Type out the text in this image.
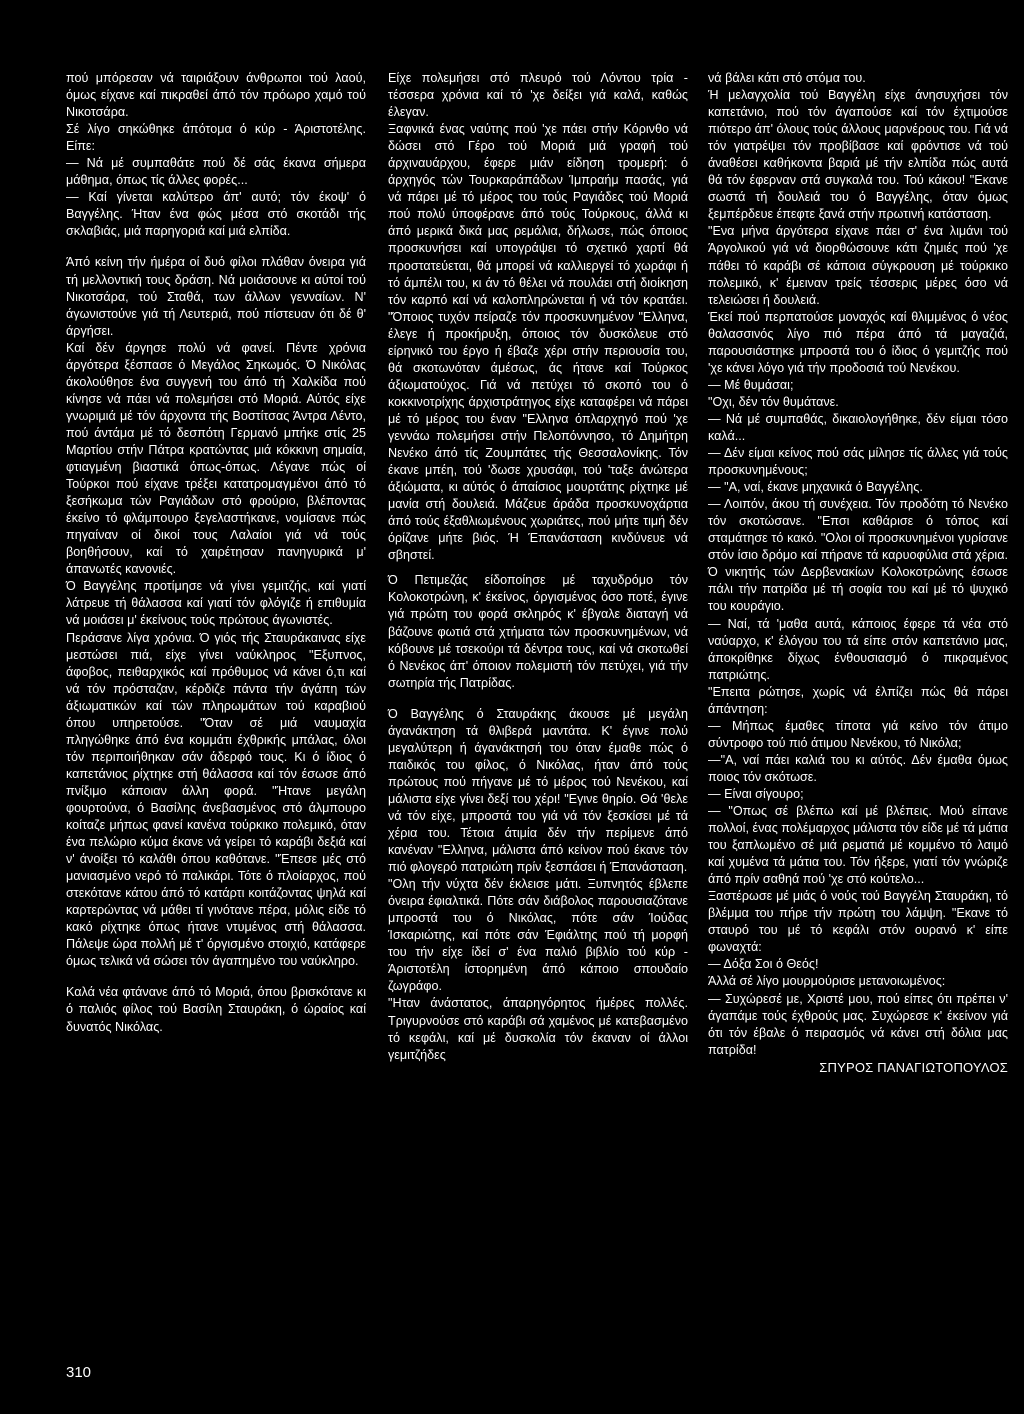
πού μπόρεσαν νά ταιριάξουν άνθρωποι τού λαού, όμως είχανε καί πικραθεί άπό τόν πρόωρο χαμό τού Νικοτσάρα.

Σέ λίγο σηκώθηκε άπότομα ό κύρ - Άριστοτέλης. Είπε:

— Νά μέ συμπαθάτε πού δέ σάς έκανα σήμερα μάθημα, όπως τίς άλλες φορές...

— Καί γίνεται καλύτερο άπ' αυτό; τόν έκοψ' ό Βαγγέλης. Ήταν ένα φώς μέσα στό σκοτάδι τής σκλαβιάς, μιά παρηγοριά καί μιά ελπίδα.

Άπό κείνη τήν ήμέρα οί δυό φίλοι πλάθαν όνειρα γιά τή μελλοντική τους δράση. Νά μοιάσουνε κι αύτοί τού Νικοτσάρα, τού Σταθά, των άλλων γενναίων. Ν' άγωνιστούνε γιά τή Λευτεριά, πού πίστευαν ότι δέ θ' άργήσει.

Καί δέν άργησε πολύ νά φανεί. Πέντε χρόνια άργότερα ξέσπασε ό Μεγάλος Σηκωμός. Ό Νικόλας άκολούθησε ένα συγγενή του άπό τή Χαλκίδα πού κίνησε νά πάει νά πολεμήσει στό Μοριά. Αύτός είχε γνωριμιά μέ τόν άρχοντα τής Βοστίτσας Άντρα Λέντο, πού άντάμα μέ τό δεσπότη Γερμανό μπήκε στίς 25 Μαρτίου στήν Πάτρα κρατώντας μιά κόκκινη σημαία, φτιαγμένη βιαστικά όπως-όπως. Λέγανε πώς οί Τούρκοι πού είχανε τρέξει κατατρομαγμένοι άπό τό ξεσήκωμα τών Ραγιάδων στό φρούριο, βλέποντας έκείνο τό φλάμπουρο ξεγελαστήκανε, νομίσανε πώς πηγαίναν οί δικοί τους Λαλαίοι γιά νά τούς βοηθήσουν, καί τό χαιρέτησαν πανηγυρικά μ' άπανωτές κανονιές.

Ό Βαγγέλης προτίμησε νά γίνει γεμιτζής, καί γιατί λάτρευε τή θάλασσα καί γιατί τόν φλόγιζε ή επιθυμία νά μοιάσει μ' έκείνους τούς πρώτους άγωνιστές.

Περάσανε λίγα χρόνια. Ό γιός τής Σταυράκαινας είχε μεστώσει πιά, είχε γίνει ναύκληρος "Εξυπνος, άφοβος, πειθαρχικός καί πρόθυμος νά κάνει ό,τι καί νά τόν πρόσταζαν, κέρδιζε πάντα τήν άγάπη τών άξιωματικών καί τών πληρωμάτων τού καραβιού όπου υπηρετούσε. "Όταν σέ μιά ναυμαχία πληγώθηκε άπό ένα κομμάτι έχθρικής μπάλας, όλοι τόν περιποιήθηκαν σάν άδερφό τους. Κι ό ίδιος ό καπετάνιος ρίχτηκε στή θάλασσα καί τόν έσωσε άπό πνίξιμο κάποιαν άλλη φορά. "Ήτανε μεγάλη φουρτούνα, ό Βασίλης άνεβασμένος στό άλμπουρο κοίταζε μήπως φανεί κανένα τούρκικο πολεμικό, όταν ένα πελώριο κύμα έκανε νά γείρει τό καράβι δεξιά καί ν' άνοίξει τό καλάθι όπου καθότανε. "Έπεσε μές στό μανιασμένο νερό τό παλικάρι. Τότε ό πλοίαρχος, πού στεκότανε κάτου άπό τό κατάρτι κοιτάζοντας ψηλά καί καρτερώντας νά μάθει τί γινότανε πέρα, μόλις είδε τό κακό ρίχτηκε όπως ήτανε ντυμένος στή θάλασσα. Πάλεψε ώρα πολλή μέ τ' όργισμένο στοιχιό, κατάφερε όμως τελικά νά σώσει τόν άγαπημένο του ναύκληρο.

Καλά νέα φτάνανε άπό τό Μοριά, όπου βρισκότανε κι ό παλιός φίλος τού Βασίλη Σταυράκη, ό ώραίος καί δυνατός Νικόλας.

Είχε πολεμήσει στό πλευρό τού Λόντου τρία - τέσσερα χρόνια καί τό 'χε δείξει γιά καλά, καθώς έλεγαν.

Ξαφνικά ένας ναύτης πού 'χε πάει στήν Κόρινθο νά δώσει στό Γέρο τού Μοριά μιά γραφή τού άρχιναυάρχου, έφερε μιάν είδηση τρομερή: ό άρχηγός τών Τουρκαράπάδων Ίμπραήμ πασάς, γιά νά πάρει μέ τό μέρος του τούς Ραγιάδες τού Μοριά πού πολύ ύποφέρανε άπό τούς Τούρκους, άλλά κι άπό μερικά δικά μας ρεμάλια, δήλωσε, πώς όποιος προσκυνήσει καί υπογράψει τό σχετικό χαρτί θά προστατεύεται, θά μπορεί νά καλλιεργεί τό χωράφι ή τό άμπέλι του, κι άν τό θέλει νά πουλάει στή διοίκηση τόν καρπό καί νά καλοπληρώνεται ή νά τόν κρατάει. "Όποιος τυχόν πείραζε τόν προσκυνημένον "Ελληνα, έλεγε ή προκήρυξη, όποιος τόν δυσκόλευε στό είρηνικό του έργο ή έβαζε χέρι στήν περιουσία του, θά σκοτωνόταν άμέσως, άς ήτανε καί Τούρκος άξιωματούχος. Γιά νά πετύχει τό σκοπό του ό κοκκινοτρίχης άρχιστράτηγος είχε καταφέρει νά πάρει μέ τό μέρος του έναν "Ελληνα όπλαρχηγό πού 'χε γεννάω πολεμήσει στήν Πελοπόννησο, τό Δημήτρη Νενέκο άπό τίς Ζουμπάτες τής Θεσσαλονίκης. Τόν έκανε μπέη, τού 'δωσε χρυσάφι, τού 'ταξε άνώτερα άξιώματα, κι αύτός ό άπαίσιος μουρτάτης ρίχτηκε μέ μανία στή δουλειά. Μάζευε άράδα προσκυνοχάρτια άπό τούς έξαθλιωμένους χωριάτες, πού μήτε τιμή δέν όρίζανε μήτε βιός. Ή Έπανάσταση κινδύνευε νά σβηστεί.

Ό Πετιμεζάς είδοποίησε μέ ταχυδρόμο τόν Κολοκοτρώνη, κ' έκείνος, όργισμένος όσο ποτέ, έγινε γιά πρώτη του φορά σκληρός κ' έβγαλε διαταγή νά βάζουνε φωτιά στά χτήματα τών προσκυνημένων, νά κόβουνε μέ τσεκούρι τά δέντρα τους, καί νά σκοτωθεί ό Νενέκος άπ' όποιον πολεμιστή τόν πετύχει, γιά τήν σωτηρία τής Πατρίδας.

Ό Βαγγέλης ό Σταυράκης άκουσε μέ μεγάλη άγανάκτηση τά θλιβερά μαντάτα. Κ' έγινε πολύ μεγαλύτερη ή άγανάκτησή του όταν έμαθε πώς ό παιδικός του φίλος, ό Νικόλας, ήταν άπό τούς πρώτους πού πήγανε μέ τό μέρος τού Νενέκου, καί μάλιστα είχε γίνει δεξί του χέρι! "Εγινε θηρίο. Θά 'θελε νά τόν είχε, μπροστά του γιά νά τόν ξεσκίσει μέ τά χέρια του. Τέτοια άτιμία δέν τήν περίμενε άπό κανέναν "Ελληνα, μάλιστα άπό κείνον πού έκανε τόν πιό φλογερό πατριώτη πρίν ξεσπάσει ή Έπανάσταση.

"Ολη τήν νύχτα δέν έκλεισε μάτι. Ξυπνητός έβλεπε όνειρα έφιαλτικά. Πότε σάν διάβολος παρουσιαζότανε μπροστά του ό Νικόλας, πότε σάν Ίούδας Ίσκαριώτης, καί πότε σάν Έφιάλτης πού τή μορφή του τήν είχε ίδεί σ' ένα παλιό βιβλίο τού κύρ - Άριστοτέλη ίστορημένη άπό κάποιο σπουδαίο ζωγράφο.

"Ηταν άνάστατος, άπαρηγόρητος ήμέρες πολλές. Τριγυρνούσε στό καράβι σά χαμένος μέ κατεβασμένο τό κεφάλι, καί μέ δυσκολία τόν έκαναν οί άλλοι γεμιτζήδες

νά βάλει κάτι στό στόμα του.

Ή μελαγχολία τού Βαγγέλη είχε άνησυχήσει τόν καπετάνιο, πού τόν άγαπούσε καί τόν έχτιμούσε πιότερο άπ' όλους τούς άλλους μαρνέρους του. Γιά νά τόν γιατρέψει τόν προβίβασε καί φρόντισε νά τού άναθέσει καθήκοντα βαριά μέ τήν ελπίδα πώς αυτά θά τόν έφερναν στά συγκαλά του. Τού κάκου! "Εκανε σωστά τή δουλειά του ό Βαγγέλης, όταν όμως ξεμπέρδευε έπεφτε ξανά στήν πρωτινή κατάσταση.

"Ενα μήνα άργότερα είχανε πάει σ' ένα λιμάνι τού Άργολικού γιά νά διορθώσουνε κάτι ζημιές πού 'χε πάθει τό καράβι σέ κάποια σύγκρουση μέ τούρκικο πολεμικό, κ' έμειναν τρείς τέσσερις μέρες όσο νά τελειώσει ή δουλειά.

Έκεί πού περπατούσε μοναχός καί θλιμμένος ό νέος θαλασσινός λίγο πιό πέρα άπό τά μαγαζιά, παρουσιάστηκε μπροστά του ό ίδιος ό γεμιτζής πού 'χε κάνει λόγο γιά τήν προδοσιά τού Νενέκου.

— Μέ θυμάσαι;

"Οχι, δέν τόν θυμάτανε.

— Νά μέ συμπαθάς, δικαιολογήθηκε, δέν είμαι τόσο καλά...

— Δέν είμαι κείνος πού σάς μίλησε τίς άλλες γιά τούς προσκυνημένους;

— "Α, ναί, έκανε μηχανικά ό Βαγγέλης.

— Λοιπόν, άκου τή συνέχεια. Τόν προδότη τό Νενέκο τόν σκοτώσανε. "Επσι καθάρισε ό τόπος καί σταμάτησε τό κακό. "Ολοι οί προσκυνημένοι γυρίσανε στόν ίσιο δρόμο καί πήρανε τά καρυοφύλια στά χέρια. Ό νικητής τών Δερβενακίων Κολοκοτρώνης έσωσε πάλι τήν πατρίδα μέ τή σοφία του καί μέ τό ψυχικό του κουράγιο.

— Ναί, τά 'μαθα αυτά, κάποιος έφερε τά νέα στό ναύαρχο, κ' έλόγου του τά είπε στόν καπετάνιο μας, άποκρίθηκε δίχως ένθουσιασμό ό πικραμένος πατριώτης.

"Επειτα ρώτησε, χωρίς νά έλπίζει πώς θά πάρει άπάντηση:

— Μήπως έμαθες τίποτα γιά κείνο τόν άτιμο σύντροφο τού πιό άτιμου Νενέκου, τό Νικόλα;

—"Α, ναί πάει καλιά του κι αύτός. Δέν έμαθα όμως ποιος τόν σκότωσε.

— Είναι σίγουρο;

— "Οπως σέ βλέπω καί μέ βλέπεις. Μού είπανε πολλοί, ένας πολέμαρχος μάλιστα τόν είδε μέ τά μάτια του ξαπλωμένο σέ μιά ρεματιά μέ κομμένο τό λαιμό καί χυμένα τά μάτια του. Τόν ήξερε, γιατί τόν γνώριζε άπό πρίν σαθηά πού 'χε στό κούτελο...

Ξαστέρωσε μέ μιάς ό νούς τού Βαγγέλη Σταυράκη, τό βλέμμα του πήρε τήν πρώτη του λάμψη. "Εκανε τό σταυρό του μέ τό κεφάλι στόν ουρανό κ' είπε φωναχτά:

— Δόξα Σοι ό Θεός!

Άλλά σέ λίγο μουρμούρισε μετανοιωμένος:

— Συχώρεσέ με, Χριστέ μου, πού είπες ότι πρέπει ν' άγαπάμε τούς έχθρούς μας. Συχώρεσε κ' έκείνον γιά ότι τόν έβαλε ό πειρασμός νά κάνει στή δόλια μας πατρίδα!

ΣΠΥΡΟΣ ΠΑΝΑΓΙΩΤΟΠΟΥΛΟΣ

310
